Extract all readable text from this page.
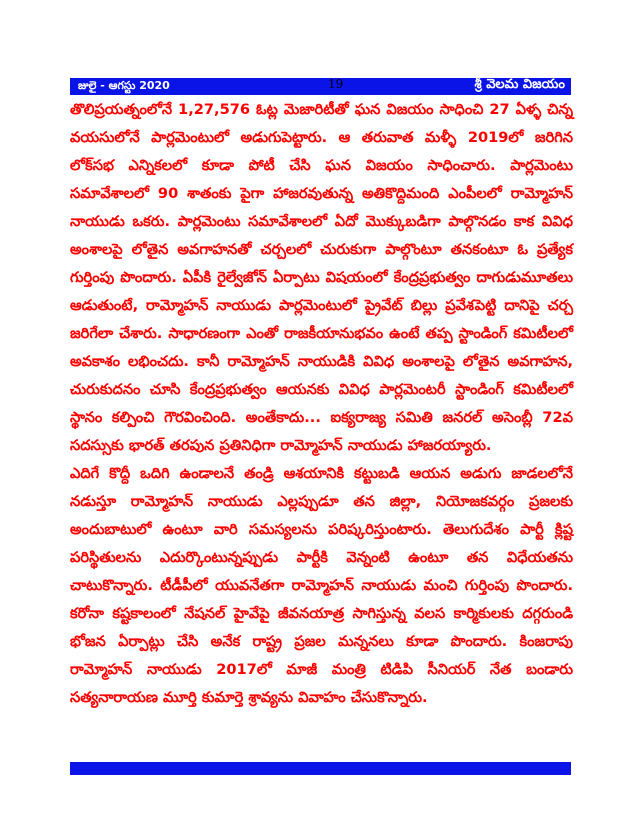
జులై - ఆగస్టు 2020	19	శ్రీ వెలమ విజయం

తొలిప్రయత్నంలోనే 1,27,576 ఓట్ల మెజారిటీతో ఘన విజయం సాధించి 27 ఏళ్ళ చిన్న వయసులోనే పార్లమెంటులో అడుగుపెట్టారు. ఆ తరువాత మళ్ళీ 2019లో జరిగిన లోక్‌సభ ఎన్నికలలో కూడా పోటీ చేసి ఘన విజయం సాధించారు. పార్లమెంటు సమావేశాలలో 90 శాతంకు పైగా హాజరవుతున్న అతికొద్దిమంది ఎంపీలలో రామ్మోహన్ నాయుడు ఒకరు. పార్లమెంటు సమావేశాలలో ఏదో మొక్కుబడిగా పాల్గొనడం కాక వివిధ అంశాలపై లోతైన అవగాహనతో చర్చలలో చురుకుగా పాల్గొంటూ తనకంటూ ఓ ప్రత్యేక గుర్తింపు పొందారు. ఏపీకి రైల్వేజోన్ ఏర్పాటు విషయంలో కేంద్రప్రభుత్వం దాగుడుమూతలు ఆడుతుంటే, రామ్మోహన్ నాయుడు పార్లమెంటులో ప్రైవేట్ బిల్లు ప్రవేశపెట్టి దానిపై చర్చ జరిగేలా చేశారు. సాధారణంగా ఎంతో రాజకీయానుభవం ఉంటే తప్ప స్టాండింగ్ కమిటీలలో అవకాశం లభించదు. కానీ రామ్మోహన్ నాయుడికి వివిధ అంశాలపై లోతైన అవగాహన, చురుకుదనం చూసి కేంద్రప్రభుత్వం ఆయనకు వివిధ పార్లమెంటరీ స్టాండింగ్ కమిటీలలో స్థానం కల్పించి గౌరవించింది. అంతేకాదు... ఐక్యరాజ్య సమితి జనరల్ అసెంబ్లీ 72వ సదస్సుకు భారత్ తరపున ప్రతినిధిగా రామ్మోహన్ నాయుడు హాజరయ్యారు.

ఎదిగే కొద్దీ ఒదిగి ఉండాలనే తండ్రి ఆశయానికి కట్టుబడి ఆయన అడుగు జాడలలోనే నడుస్తూ రామ్మోహన్ నాయుడు ఎల్లప్పుడూ తన జిల్లా, నియోజకవర్గం ప్రజలకు అందుబాటులో ఉంటూ వారి సమస్యలను పరిష్కరిస్తుంటారు. తెలుగుదేశం పార్టీ క్లిష్ట పరిస్థితులను ఎదుర్కొంటున్నప్పుడు పార్టీకి వెన్నంటి ఉంటూ తన విధేయతను చాటుకొన్నారు. టీడీపీలో యువనేతగా రామ్మోహన్ నాయుడు మంచి గుర్తింపు పొందారు. కరోనా కష్టకాలంలో నేషనల్ హైవేపై జీవనయాత్ర సాగిస్తున్న వలస కార్మికులకు దగ్గరుండి భోజన ఏర్పాట్లు చేసి అనేక రాష్ట్ర ప్రజల మన్ననలు కూడా పొందారు. కింజరాపు రామ్మోహన్ నాయుడు 2017లో మాజీ మంత్రి టిడిపి సీనియర్ నేత బండారు సత్యనారాయణ మూర్తి కుమార్తె శ్రావ్యను వివాహం చేసుకొన్నారు.
